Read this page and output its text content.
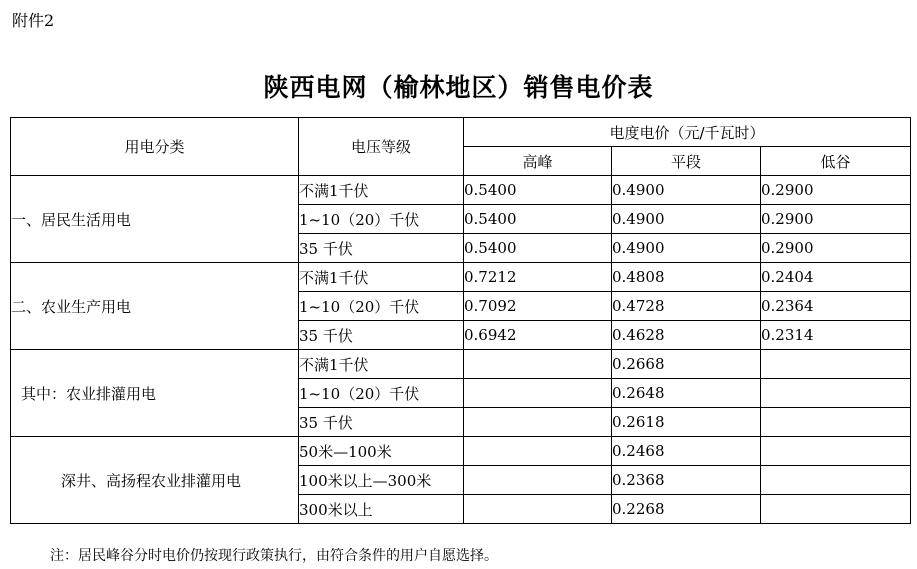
附件2
陕西电网（榆林地区）销售电价表
用电分类	电压等级	电度电价（元/千瓦时）		
		高峰	平段	低谷
一、居民生活用电	不满1千伏	0.5400	0.4900	0.2900
	1~10（20）千伏	0.5400	0.4900	0.2900
	35 千伏	0.5400	0.4900	0.2900
二、农业生产用电	不满1千伏	0.7212	0.4808	0.2404
	1~10（20）千伏	0.7092	0.4728	0.2364
	35 千伏	0.6942	0.4628	0.2314
其中：农业排灌用电	不满1千伏		0.2668	
	1~10（20）千伏		0.2648	
	35 千伏		0.2618	
深井、高扬程农业排灌用电	50米—100米		0.2468	
	100米以上—300米		0.2368	
	300米以上		0.2268	
注：居民峰谷分时电价仍按现行政策执行，由符合条件的用户自愿选择。
